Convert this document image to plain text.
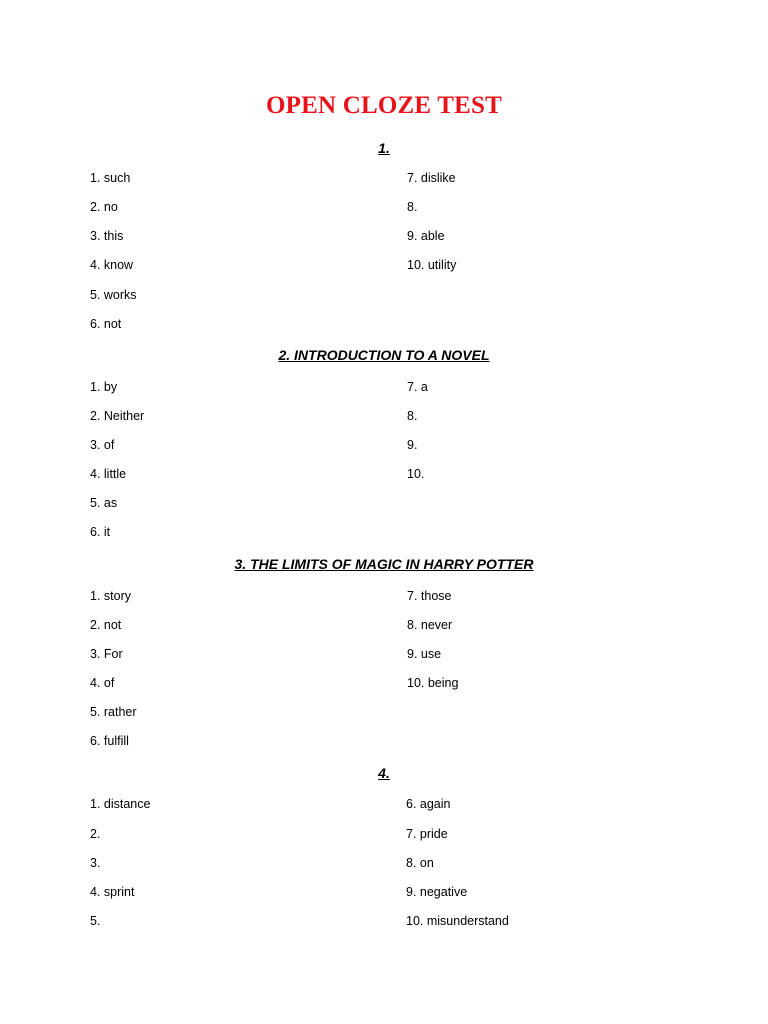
OPEN CLOZE TEST
1.
1. such
2. no
3. this
4. know
5. works
6. not
7. dislike
8.
9. able
10. utility
2. INTRODUCTION TO A NOVEL
1. by
2. Neither
3. of
4. little
5. as
6. it
7. a
8.
9.
10.
3. THE LIMITS OF MAGIC IN HARRY POTTER
1. story
2. not
3. For
4. of
5. rather
6. fulfill
7. those
8. never
9. use
10. being
4.
1. distance
2.
3.
4. sprint
5.
6. again
7. pride
8. on
9. negative
10. misunderstand
